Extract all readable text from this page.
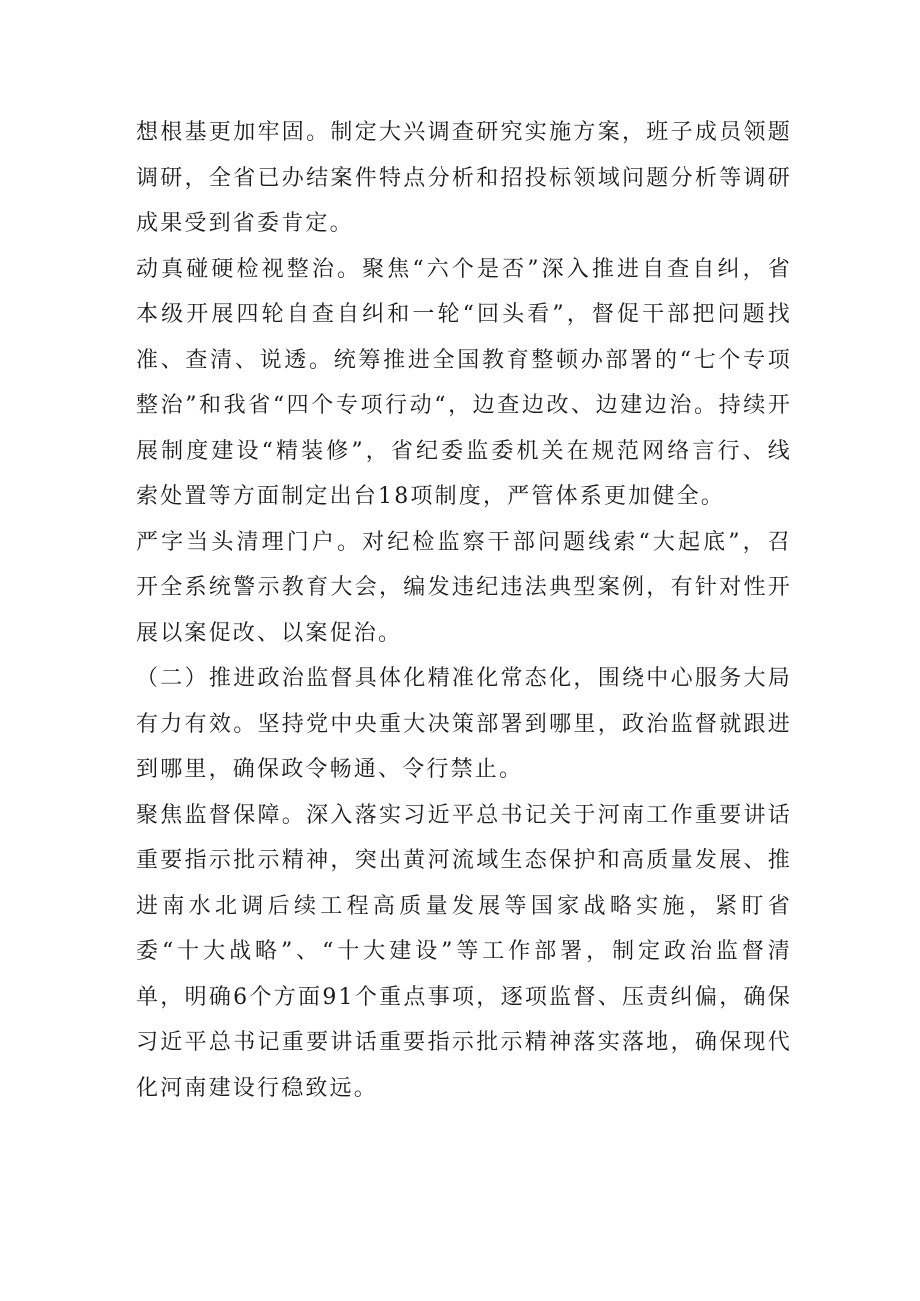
想根基更加牢固。制定大兴调查研究实施方案，班子成员领题调研，全省已办结案件特点分析和招投标领域问题分析等调研成果受到省委肯定。

动真碰硬检视整治。聚焦“六个是否”深入推进自查自纠，省本级开展四轮自查自纠和一轮“回头看”，督促干部把问题找准、查清、说透。统筹推进全国教育整顿办部署的“七个专项整治”和我省“四个专项行动“，边查边改、边建边治。持续开展制度建设“精装修”，省纪委监委机关在规范网络言行、线索处置等方面制定出台18项制度，严管体系更加健全。

严字当头清理门户。对纪检监察干部问题线索“大起底”，召开全系统警示教育大会，编发违纪违法典型案例，有针对性开展以案促改、以案促治。

（二）推进政治监督具体化精准化常态化，围绕中心服务大局有力有效。坚持党中央重大决策部署到哪里，政治监督就跟进到哪里，确保政令畅通、令行禁止。

聚焦监督保障。深入落实习近平总书记关于河南工作重要讲话重要指示批示精神，突出黄河流域生态保护和高质量发展、推进南水北调后续工程高质量发展等国家战略实施，紧盯省委“十大战略”、“十大建设”等工作部署，制定政治监督清单，明确6个方面91个重点事项，逐项监督、压责纠偏，确保习近平总书记重要讲话重要指示批示精神落实落地，确保现代化河南建设行稳致远。
